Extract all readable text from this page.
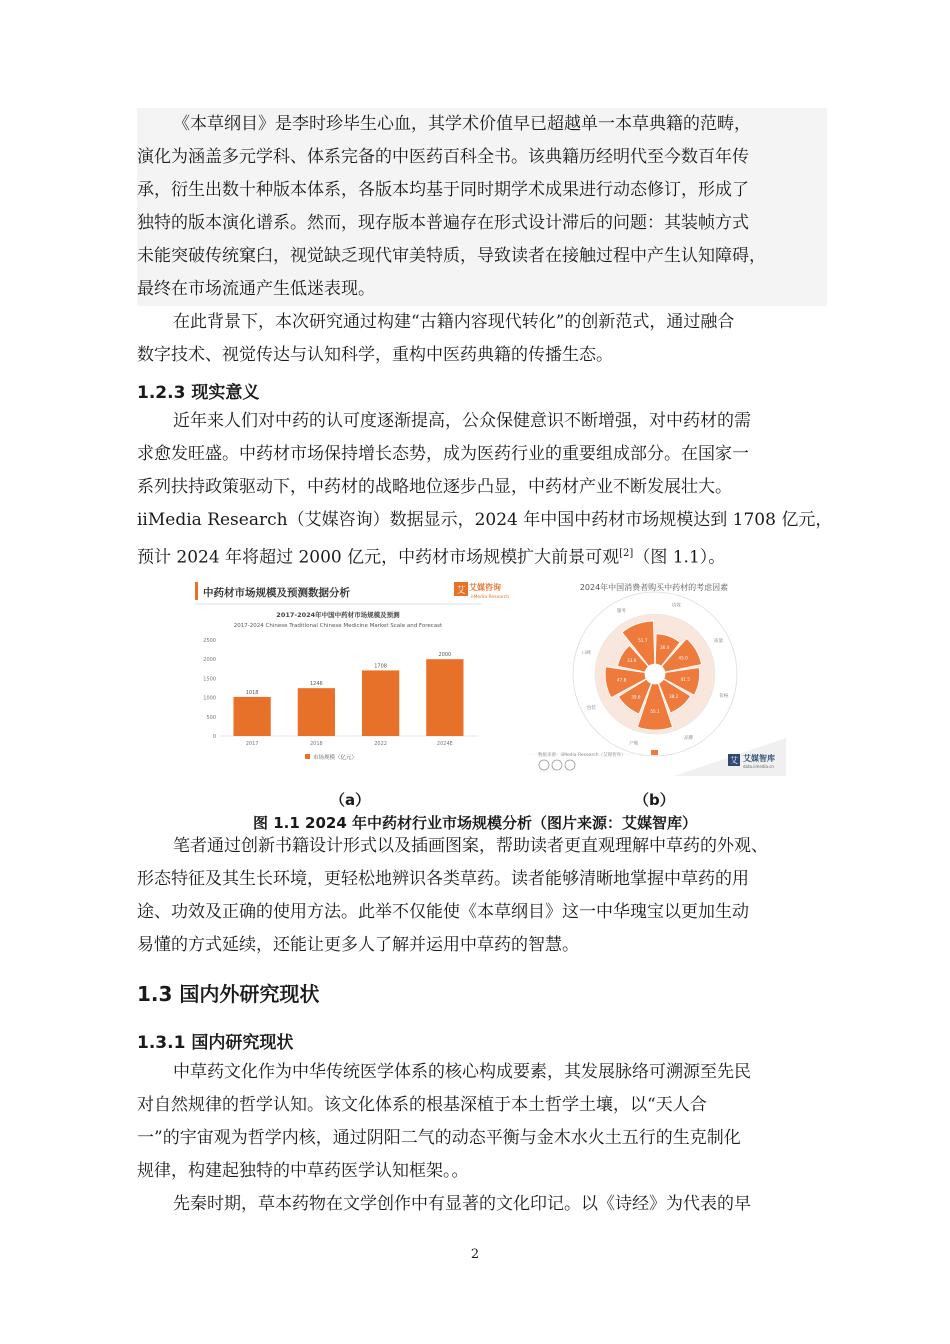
《本草纲目》是李时珍毕生心血，其学术价值早已超越单一本草典籍的范畴，
演化为涵盖多元学科、体系完备的中医药百科全书。该典籍历经明代至今数百年传
承，衍生出数十种版本体系，各版本均基于同时期学术成果进行动态修订，形成了
独特的版本演化谱系。然而，现存版本普遍存在形式设计滞后的问题：其装帧方式
未能突破传统窠臼，视觉缺乏现代审美特质，导致读者在接触过程中产生认知障碍，
最终在市场流通产生低迷表现。

在此背景下，本次研究通过构建“古籍内容现代转化”的创新范式，通过融合
数字技术、视觉传达与认知科学，重构中医药典籍的传播生态。

1.2.3 现实意义

近年来人们对中药的认可度逐渐提高，公众保健意识不断增强，对中药材的需
求愈发旺盛。中药材市场保持增长态势，成为医药行业的重要组成部分。在国家一
系列扶持政策驱动下，中药材的战略地位逐步凸显，中药材产业不断发展壮大。
iiMedia Research（艾媒咨询）数据显示，2024 年中国中药材市场规模达到 1708 亿元，
预计 2024 年将超过 2000 亿元，中药材市场规模扩大前景可观[2]（图 1.1）。

中药材市场规模及预测数据分析	艾 艾媒咨询
iiMedia Research
2017-2024年中国中药材市场规模及预测
2017-2024 Chinese Traditional Chinese Medicine Market Scale and Forecast
0
500
1000
1500
2000
2500
1018
2017
1246
2018
1708
2022
2000
2024E
市场规模（亿元）
2024年中国消费者购买中药材的考虑因素
36.4
45.0
41.5
38.2
55.1
39.6
47.8
33.9
51.7
功效
质量
价格
品牌
产地
包装
口碑
服务
数据来源：iiMedia Research（艾媒智库）
艾 艾媒智库
data.iimedia.cn
（a）	（b）
图 1.1 2024 年中药材行业市场规模分析（图片来源：艾媒智库）

笔者通过创新书籍设计形式以及插画图案，帮助读者更直观理解中草药的外观、
形态特征及其生长环境，更轻松地辨识各类草药。读者能够清晰地掌握中草药的用
途、功效及正确的使用方法。此举不仅能使《本草纲目》这一中华瑰宝以更加生动
易懂的方式延续，还能让更多人了解并运用中草药的智慧。

1.3 国内外研究现状
1.3.1 国内研究现状

中草药文化作为中华传统医学体系的核心构成要素，其发展脉络可溯源至先民
对自然规律的哲学认知。该文化体系的根基深植于本土哲学土壤，以“天人合
一”的宇宙观为哲学内核，通过阴阳二气的动态平衡与金木水火土五行的生克制化
规律，构建起独特的中草药医学认知框架。。

先秦时期，草本药物在文学创作中有显著的文化印记。以《诗经》为代表的早

2
